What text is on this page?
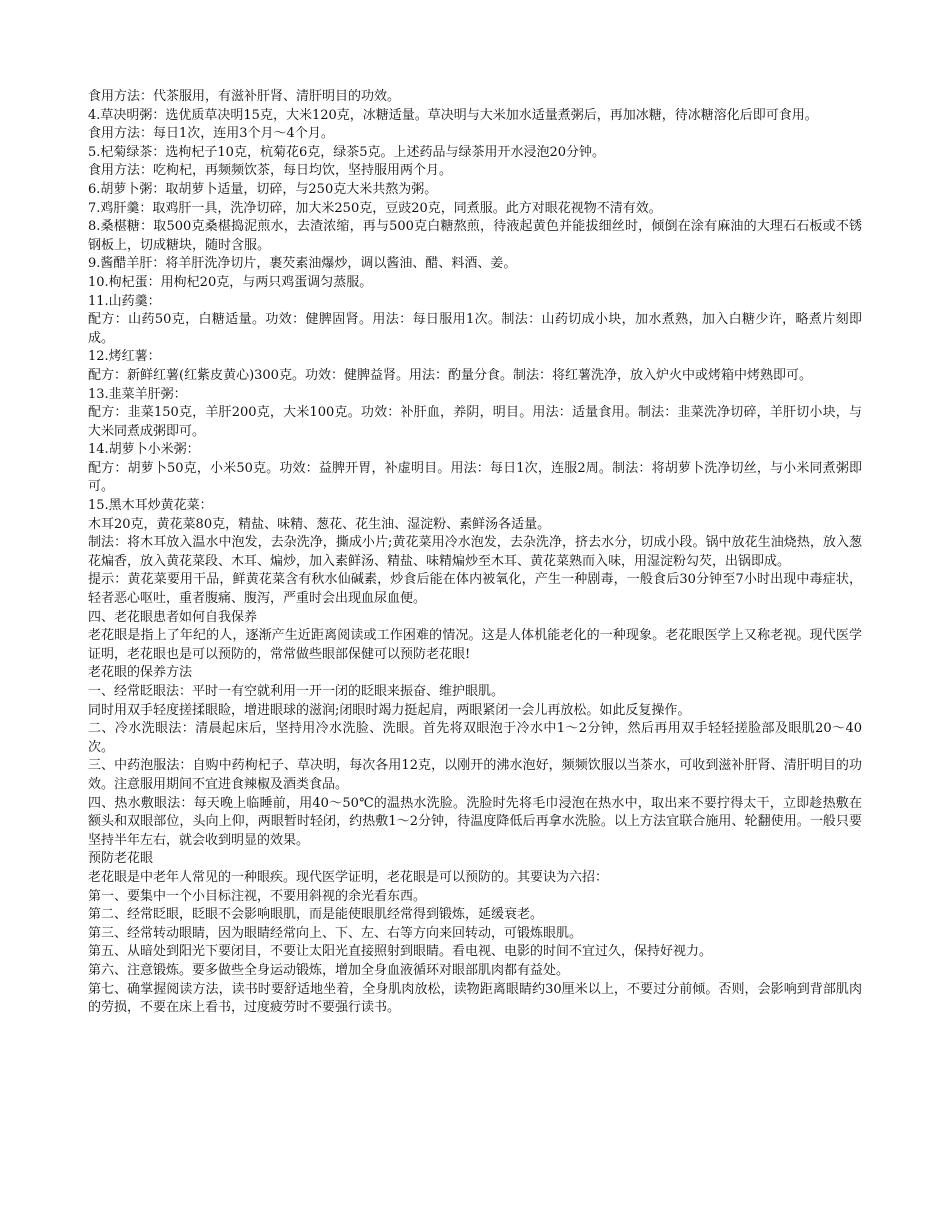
食用方法：代茶服用，有滋补肝肾、清肝明目的功效。

4.草决明粥：选优质草决明15克，大米120克，冰糖适量。草决明与大米加水适量煮粥后，再加冰糖，待冰糖溶化后即可食用。

食用方法：每日1次，连用3个月～4个月。

5.杞菊绿茶：选枸杞子10克，杭菊花6克，绿茶5克。上述药品与绿茶用开水浸泡20分钟。

食用方法：吃枸杞，再频频饮茶，每日均饮，坚持服用两个月。

6.胡萝卜粥：取胡萝卜适量，切碎，与250克大米共熬为粥。

7.鸡肝羹：取鸡肝一具，洗净切碎，加大米250克，豆豉20克，同煮服。此方对眼花视物不清有效。

8.桑椹糖：取500克桑椹捣泥煎水，去渣浓缩，再与500克白糖熬煎，待液起黄色并能拔细丝时，倾倒在涂有麻油的大理石石板或不锈钢板上，切成糖块，随时含服。

9.酱醋羊肝：将羊肝洗净切片，裹芡素油爆炒，调以酱油、醋、料酒、姜。

10.枸杞蛋：用枸杞20克，与两只鸡蛋调匀蒸服。

11.山药羹：

配方：山药50克，白糖适量。功效：健脾固肾。用法：每日服用1次。制法：山药切成小块，加水煮熟，加入白糖少许，略煮片刻即成。

12.烤红薯：

配方：新鲜红薯(红紫皮黄心)300克。功效：健脾益肾。用法：酌量分食。制法：将红薯洗净，放入炉火中或烤箱中烤熟即可。

13.韭菜羊肝粥：

配方：韭菜150克，羊肝200克，大米100克。功效：补肝血，养阴，明目。用法：适量食用。制法：韭菜洗净切碎，羊肝切小块，与大米同煮成粥即可。

14.胡萝卜小米粥：

配方：胡萝卜50克，小米50克。功效：益脾开胃，补虚明目。用法：每日1次，连服2周。制法：将胡萝卜洗净切丝，与小米同煮粥即可。

15.黑木耳炒黄花菜：

木耳20克，黄花菜80克，精盐、味精、葱花、花生油、湿淀粉、素鲜汤各适量。

制法：将木耳放入温水中泡发，去杂洗净，撕成小片;黄花菜用冷水泡发，去杂洗净，挤去水分，切成小段。锅中放花生油烧热，放入葱花煸香，放入黄花菜段、木耳、煸炒，加入素鲜汤、精盐、味精煸炒至木耳、黄花菜熟而入味，用湿淀粉勾芡，出锅即成。

提示：黄花菜要用干品，鲜黄花菜含有秋水仙碱素，炒食后能在体内被氧化，产生一种剧毒，一般食后30分钟至7小时出现中毒症状，轻者恶心呕吐，重者腹痛、腹泻，严重时会出现血尿血便。

四、老花眼患者如何自我保养

老花眼是指上了年纪的人，逐渐产生近距离阅读或工作困难的情况。这是人体机能老化的一种现象。老花眼医学上又称老视。现代医学证明，老花眼也是可以预防的，常常做些眼部保健可以预防老花眼!

老花眼的保养方法

一、经常眨眼法：平时一有空就利用一开一闭的眨眼来振奋、维护眼肌。

同时用双手轻度搓揉眼睑，增进眼球的滋润;闭眼时竭力挺起肩，两眼紧闭一会儿再放松。如此反复操作。

二、冷水洗眼法：清晨起床后，坚持用冷水洗脸、洗眼。首先将双眼泡于冷水中1～2分钟，然后再用双手轻轻搓脸部及眼肌20～40次。

三、中药泡服法：自购中药枸杞子、草决明，每次各用12克，以刚开的沸水泡好，频频饮服以当茶水，可收到滋补肝肾、清肝明目的功效。注意服用期间不宜进食辣椒及酒类食品。

四、热水敷眼法：每天晚上临睡前，用40～50℃的温热水洗脸。洗脸时先将毛巾浸泡在热水中，取出来不要拧得太干，立即趁热敷在额头和双眼部位，头向上仰，两眼暂时轻闭，约热敷1～2分钟，待温度降低后再拿水洗脸。以上方法宜联合施用、轮翻使用。一般只要坚持半年左右，就会收到明显的效果。

预防老花眼

老花眼是中老年人常见的一种眼疾。现代医学证明，老花眼是可以预防的。其要诀为六招：

第一、要集中一个小目标注视，不要用斜视的余光看东西。

第二、经常眨眼，眨眼不会影响眼肌，而是能使眼肌经常得到锻炼，延缓衰老。

第三、经常转动眼睛，因为眼睛经常向上、下、左、右等方向来回转动，可锻炼眼肌。

第五、从暗处到阳光下要闭目，不要让太阳光直接照射到眼睛。看电视、电影的时间不宜过久，保持好视力。

第六、注意锻炼。要多做些全身运动锻炼，增加全身血液循环对眼部肌肉都有益处。

第七、确掌握阅读方法，读书时要舒适地坐着，全身肌肉放松，读物距离眼睛约30厘米以上，不要过分前倾。否则，会影响到背部肌肉的劳损，不要在床上看书，过度疲劳时不要强行读书。
